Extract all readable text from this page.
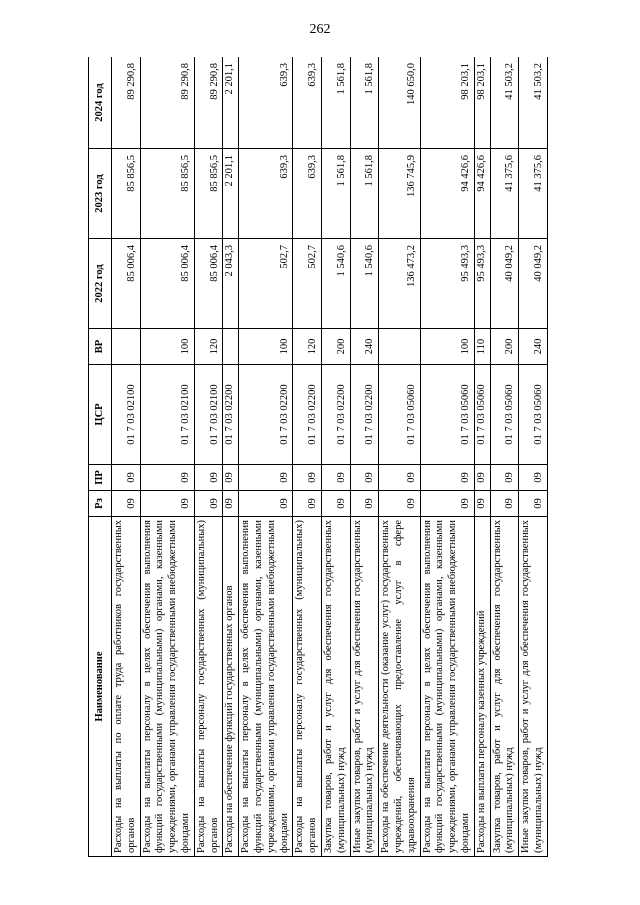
262
Наименование	Рз	ПР	ЦСР	ВР	2022 год	2023 год	2024 год
Расходы на выплаты по оплате труда работников государственных органов	09	09	01 7 03 02100		85 006,4	85 856,5	89 290,8
Расходы на выплаты персоналу в целях обеспечения выполнения функций государственными (муниципальными) органами, казенными учреждениями, органами управления государственными внебюджетными фондами	09	09	01 7 03 02100	100	85 006,4	85 856,5	89 290,8
Расходы на выплаты персоналу государственных (муниципальных) органов	09	09	01 7 03 02100	120	85 006,4	85 856,5	89 290,8
Расходы на обеспечение функций государственных органов	09	09	01 7 03 02200		2 043,3	2 201,1	2 201,1
Расходы на выплаты персоналу в целях обеспечения выполнения функций государственными (муниципальными) органами, казенными учреждениями, органами управления государственными внебюджетными фондами	09	09	01 7 03 02200	100	502,7	639,3	639,3
Расходы на выплаты персоналу государственных (муниципальных) органов	09	09	01 7 03 02200	120	502,7	639,3	639,3
Закупка товаров, работ и услуг для обеспечения государственных (муниципальных) нужд	09	09	01 7 03 02200	200	1 540,6	1 561,8	1 561,8
Иные закупки товаров, работ и услуг для обеспечения государственных (муниципальных) нужд	09	09	01 7 03 02200	240	1 540,6	1 561,8	1 561,8
Расходы на обеспечение деятельности (оказание услуг) государственных учреждений, обеспечивающих предоставление услуг в сфере здравоохранения	09	09	01 7 03 05060		136 473,2	136 745,9	140 650,0
Расходы на выплаты персоналу в целях обеспечения выполнения функций государственными (муниципальными) органами, казенными учреждениями, органами управления государственными внебюджетными фондами	09	09	01 7 03 05060	100	95 493,3	94 426,6	98 203,1
Расходы на выплаты персоналу казенных учреждений	09	09	01 7 03 05060	110	95 493,3	94 426,6	98 203,1
Закупка товаров, работ и услуг для обеспечения государственных (муниципальных) нужд	09	09	01 7 03 05060	200	40 049,2	41 375,6	41 503,2
Иные закупки товаров, работ и услуг для обеспечения государственных (муниципальных) нужд	09	09	01 7 03 05060	240	40 049,2	41 375,6	41 503,2
